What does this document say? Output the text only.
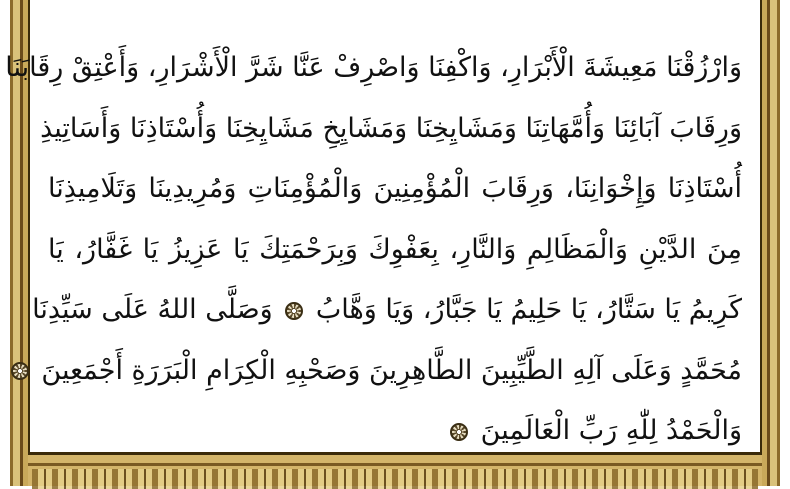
وَارْزُقْنَا مَعِيشَةَ الْأَبْرَارِ، وَاكْفِنَا وَاصْرِفْ عَنَّا شَرَّ الْأَشْرَارِ، وَأَعْتِقْ رِقَابَنَا
وَرِقَابَ آبَائِنَا وَأُمَّهَاتِنَا وَمَشَايِخِنَا وَمَشَايِخِ مَشَايِخِنَا وَأُسْتَاذِنَا وَأَسَاتِيذِ
أُسْتَاذِنَا وَإِخْوَانِنَا، وَرِقَابَ الْمُؤْمِنِينَ وَالْمُؤْمِنَاتِ وَمُرِيدِينَا وَتَلَامِيذِنَا
مِنَ الدَّيْنِ وَالْمَظَالِمِ وَالنَّارِ، بِعَفْوِكَ وَبِرَحْمَتِكَ يَا عَزِيزُ يَا غَفَّارُ، يَا
كَرِيمُ يَا سَتَّارُ، يَا حَلِيمُ يَا جَبَّارُ، وَيَا وَهَّابُ  وَصَلَّى اللهُ عَلَى سَيِّدِنَا
مُحَمَّدٍ وَعَلَى آلِهِ الطَّيِّبِينَ الطَّاهِرِينَ وَصَحْبِهِ الْكِرَامِ الْبَرَرَةِ أَجْمَعِينَ
وَالْحَمْدُ لِلّٰهِ رَبِّ الْعَالَمِينَ
